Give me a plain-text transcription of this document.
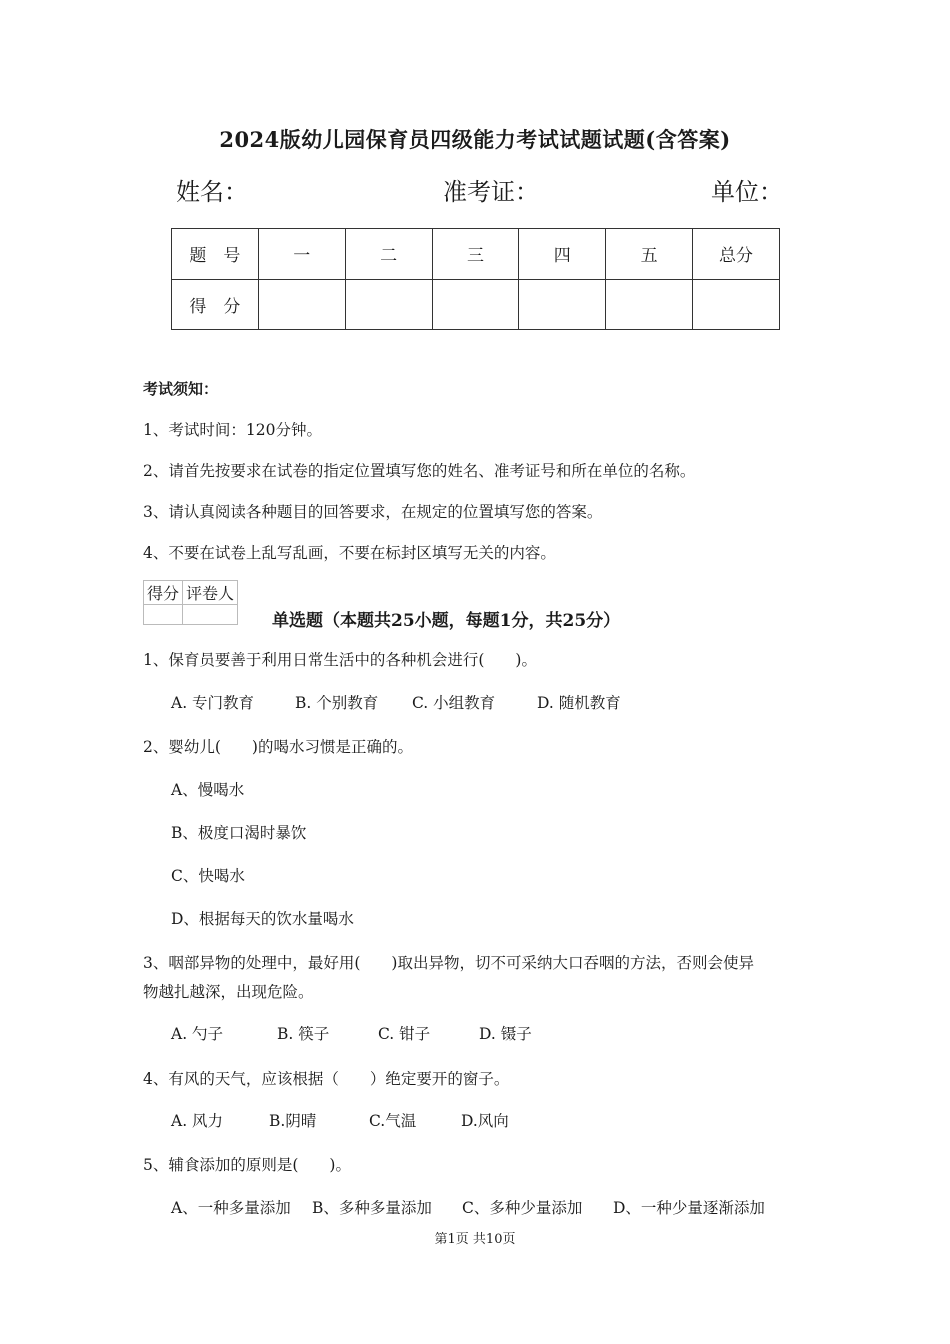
2024版幼儿园保育员四级能力考试试题试题(含答案)
姓名：	准考证：	单位：
题　号	一	二	三	四	五	总分
得　分						
考试须知：
1、考试时间：120分钟。
2、请首先按要求在试卷的指定位置填写您的姓名、准考证号和所在单位的名称。
3、请认真阅读各种题目的回答要求，在规定的位置填写您的答案。
4、不要在试卷上乱写乱画，不要在标封区填写无关的内容。
得分	评卷人

单选题（本题共25小题，每题1分，共25分）
1、保育员要善于利用日常生活中的各种机会进行(　　)。
A. 专门教育	B. 个别教育 C. 小组教育	D. 随机教育
2、婴幼儿(　　)的喝水习惯是正确的。
A、慢喝水
B、极度口渴时暴饮
C、快喝水
D、根据每天的饮水量喝水
3、咽部异物的处理中，最好用(　　)取出异物，切不可采纳大口吞咽的方法，否则会使异
物越扎越深，出现危险。
A. 勺子	B. 筷子	C. 钳子	D. 镊子
4、有风的天气，应该根据（　　）绝定要开的窗子。
A. 风力	B.阴晴	C.气温	D.风向
5、辅食添加的原则是(　　)。
A、一种多量添加 B、多种多量添加 C、多种少量添加 D、一种少量逐渐添加
第1页 共10页
